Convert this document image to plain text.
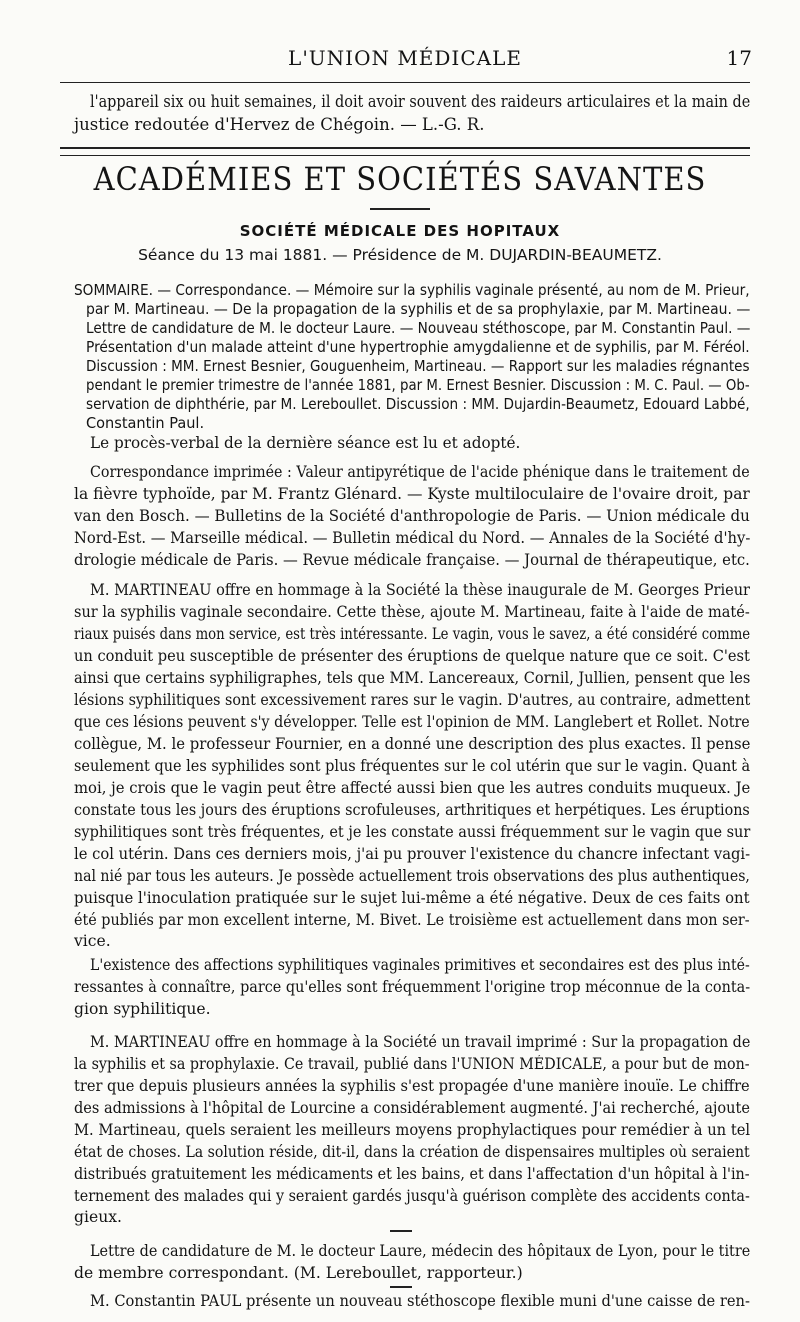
L'UNION MÉDICALE	17

l'appareil six ou huit semaines, il doit avoir souvent des raideurs articulaires et la main de

justice redoutée d'Hervez de Chégoin. — L.-G. R.

ACADÉMIES ET SOCIÉTÉS SAVANTES
SOCIÉTÉ MÉDICALE DES HOPITAUX
Séance du 13 mai 1881. — Présidence de M. DUJARDIN-BEAUMETZ.

SOMMAIRE. — Correspondance. — Mémoire sur la syphilis vaginale présenté, au nom de M. Prieur,

par M. Martineau. — De la propagation de la syphilis et de sa prophylaxie, par M. Martineau. —

Lettre de candidature de M. le docteur Laure. — Nouveau stéthoscope, par M. Constantin Paul. —

Présentation d'un malade atteint d'une hypertrophie amygdalienne et de syphilis, par M. Féréol.

Discussion : MM. Ernest Besnier, Gouguenheim, Martineau. — Rapport sur les maladies régnantes

pendant le premier trimestre de l'année 1881, par M. Ernest Besnier. Discussion : M. C. Paul. — Ob-

servation de diphthérie, par M. Lereboullet. Discussion : MM. Dujardin-Beaumetz, Edouard Labbé,

Constantin Paul.

Le procès-verbal de la dernière séance est lu et adopté.

Correspondance imprimée : Valeur antipyrétique de l'acide phénique dans le traitement de

la fièvre typhoïde, par M. Frantz Glénard. — Kyste multiloculaire de l'ovaire droit, par

van den Bosch. — Bulletins de la Société d'anthropologie de Paris. — Union médicale du

Nord-Est. — Marseille médical. — Bulletin médical du Nord. — Annales de la Société d'hy-

drologie médicale de Paris. — Revue médicale française. — Journal de thérapeutique, etc.

M. MARTINEAU offre en hommage à la Société la thèse inaugurale de M. Georges Prieur

sur la syphilis vaginale secondaire. Cette thèse, ajoute M. Martineau, faite à l'aide de maté-

riaux puisés dans mon service, est très intéressante. Le vagin, vous le savez, a été considéré comme

un conduit peu susceptible de présenter des éruptions de quelque nature que ce soit. C'est

ainsi que certains syphiligraphes, tels que MM. Lancereaux, Cornil, Jullien, pensent que les

lésions syphilitiques sont excessivement rares sur le vagin. D'autres, au contraire, admettent

que ces lésions peuvent s'y développer. Telle est l'opinion de MM. Langlebert et Rollet. Notre

collègue, M. le professeur Fournier, en a donné une description des plus exactes. Il pense

seulement que les syphilides sont plus fréquentes sur le col utérin que sur le vagin. Quant à

moi, je crois que le vagin peut être affecté aussi bien que les autres conduits muqueux. Je

constate tous les jours des éruptions scrofuleuses, arthritiques et herpétiques. Les éruptions

syphilitiques sont très fréquentes, et je les constate aussi fréquemment sur le vagin que sur

le col utérin. Dans ces derniers mois, j'ai pu prouver l'existence du chancre infectant vagi-

nal nié par tous les auteurs. Je possède actuellement trois observations des plus authentiques,

puisque l'inoculation pratiquée sur le sujet lui-même a été négative. Deux de ces faits ont

été publiés par mon excellent interne, M. Bivet. Le troisième est actuellement dans mon ser-

vice.

L'existence des affections syphilitiques vaginales primitives et secondaires est des plus inté-

ressantes à connaître, parce qu'elles sont fréquemment l'origine trop méconnue de la conta-

gion syphilitique.

M. MARTINEAU offre en hommage à la Société un travail imprimé : Sur la propagation de

la syphilis et sa prophylaxie. Ce travail, publié dans l'UNION MÉDICALE, a pour but de mon-

trer que depuis plusieurs années la syphilis s'est propagée d'une manière inouïe. Le chiffre

des admissions à l'hôpital de Lourcine a considérablement augmenté. J'ai recherché, ajoute

M. Martineau, quels seraient les meilleurs moyens prophylactiques pour remédier à un tel

état de choses. La solution réside, dit-il, dans la création de dispensaires multiples où seraient

distribués gratuitement les médicaments et les bains, et dans l'affectation d'un hôpital à l'in-

ternement des malades qui y seraient gardés jusqu'à guérison complète des accidents conta-

gieux.

Lettre de candidature de M. le docteur Laure, médecin des hôpitaux de Lyon, pour le titre

de membre correspondant. (M. Lereboullet, rapporteur.)

M. Constantin PAUL présente un nouveau stéthoscope flexible muni d'une caisse de ren-
